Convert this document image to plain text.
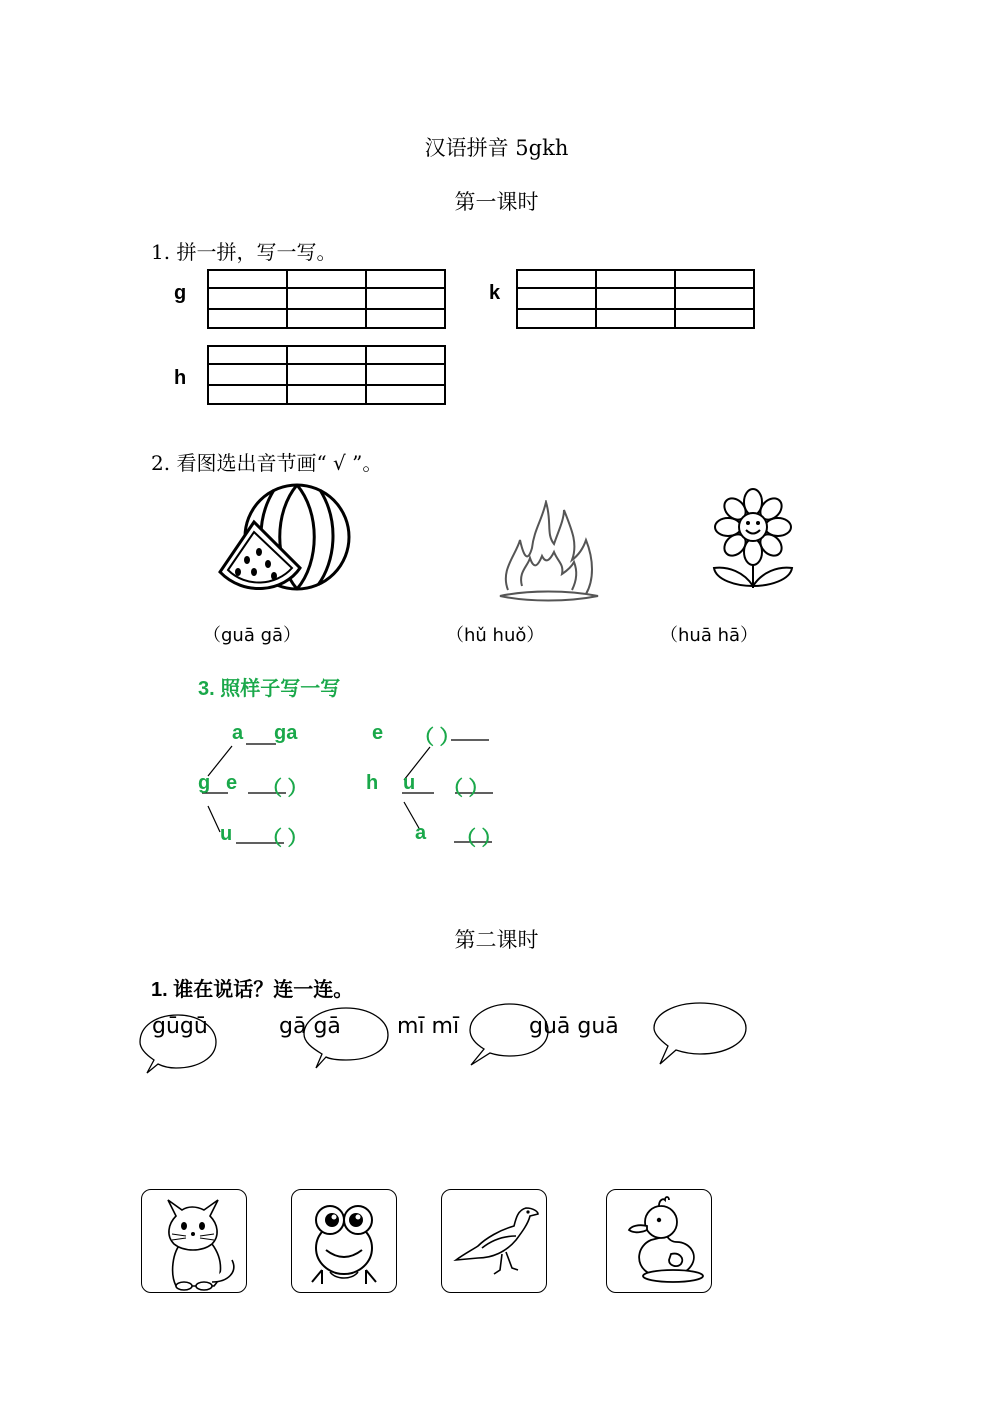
汉语拼音 5gkh
第一课时
1. 拼一拼，写一写。
g	k
h
2. 看图选出音节画“ √ ”。
（guā gā）	（hǔ huǒ）	（huā hā）
3. 照样子写一写
g
a
e
u
ga
（ ）
（ ）
h
e
u
a
（ ）
（ ）
（ ）
第二课时
1. 谁在说话？连一连。
gūgū	gā gā	mī mī	guā guā
